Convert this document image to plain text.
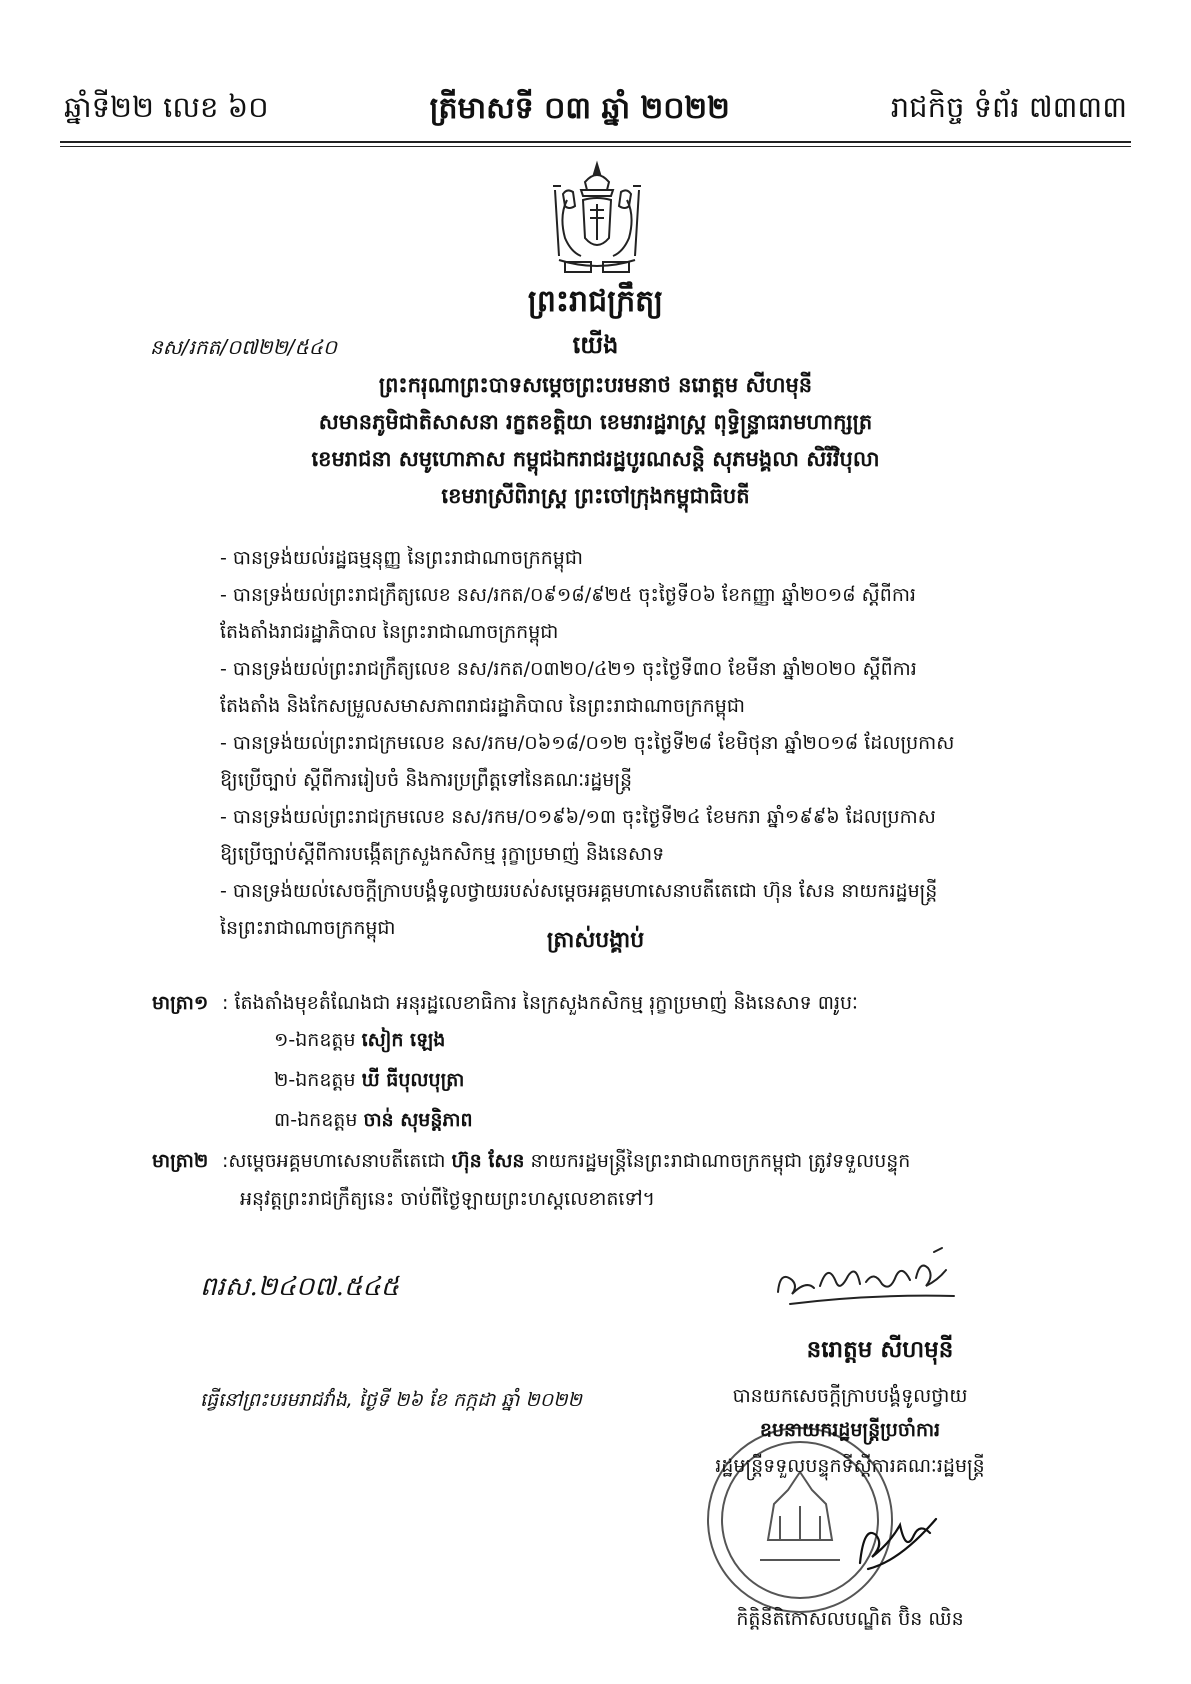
ឆ្នាំទី២២ លេខ ៦០	ត្រីមាសទី ០៣ ឆ្នាំ ២០២២	រាជកិច្ច ទំព័រ ៧៣៣៣
ព្រះរាជក្រឹត្យ
នស/រកត/០៧២២/៥៤០	យើង
ព្រះករុណាព្រះបាទសម្តេចព្រះបរមនាថ នរោត្តម សីហមុនី
សមានភូមិជាតិសាសនា រក្ខតខត្តិយា ខេមរារដ្ឋរាស្ត្រ ពុទ្ធិន្ទ្រាធរាមហាក្សត្រ
ខេមរាជនា សមូហោភាស កម្ពុជឯករាជរដ្ឋបូរណសន្តិ សុភមង្គលា សិរីវិបុលា
ខេមរាស្រីពិរាស្ត្រ ព្រះចៅក្រុងកម្ពុជាធិបតី

- បានទ្រង់យល់រដ្ឋធម្មនុញ្ញ នៃព្រះរាជាណាចក្រកម្ពុជា

- បានទ្រង់យល់ព្រះរាជក្រឹត្យលេខ នស/រកត/០៩១៨/៩២៥ ចុះថ្ងៃទី០៦ ខែកញ្ញា ឆ្នាំ២០១៨ ស្តីពីការ

តែងតាំងរាជរដ្ឋាភិបាល នៃព្រះរាជាណាចក្រកម្ពុជា

- បានទ្រង់យល់ព្រះរាជក្រឹត្យលេខ នស/រកត/០៣២០/៤២១ ចុះថ្ងៃទី៣០ ខែមីនា ឆ្នាំ២០២០ ស្តីពីការ

តែងតាំង និងកែសម្រួលសមាសភាពរាជរដ្ឋាភិបាល នៃព្រះរាជាណាចក្រកម្ពុជា

- បានទ្រង់យល់ព្រះរាជក្រមលេខ នស/រកម/០៦១៨/០១២ ចុះថ្ងៃទី២៨ ខែមិថុនា ឆ្នាំ២០១៨ ដែលប្រកាស

ឱ្យប្រើច្បាប់ ស្តីពីការរៀបចំ និងការប្រព្រឹត្តទៅនៃគណៈរដ្ឋមន្ត្រី

- បានទ្រង់យល់ព្រះរាជក្រមលេខ នស/រកម/០១៩៦/១៣ ចុះថ្ងៃទី២៤ ខែមករា ឆ្នាំ១៩៩៦ ដែលប្រកាស

ឱ្យប្រើច្បាប់ស្តីពីការបង្កើតក្រសួងកសិកម្ម រុក្ខាប្រមាញ់ និងនេសាទ

- បានទ្រង់យល់សេចក្តីក្រាបបង្គំទូលថ្វាយរបស់សម្តេចអគ្គមហាសេនាបតីតេជោ ហ៊ុន សែន នាយករដ្ឋមន្ត្រី

នៃព្រះរាជាណាចក្រកម្ពុជា	ត្រាស់បង្គាប់
មាត្រា១ : តែងតាំងមុខតំណែងជា អនុរដ្ឋលេខាធិការ នៃក្រសួងកសិកម្ម រុក្ខាប្រមាញ់ និងនេសាទ ៣រូបៈ
១-ឯកឧត្តម សៀក ឡេង
២-ឯកឧត្តម ឃី ធីបុលបុត្រា
៣-ឯកឧត្តម ចាន់ សុមន្តិភាព
មាត្រា២ :សម្តេចអគ្គមហាសេនាបតីតេជោ ហ៊ុន សែន នាយករដ្ឋមន្ត្រីនៃព្រះរាជាណាចក្រកម្ពុជា ត្រូវទទួលបន្ទុក
អនុវត្តព្រះរាជក្រឹត្យនេះ ចាប់ពីថ្ងៃឡាយព្រះហស្តលេខាតទៅ។
ពរស.២៤០៧.៥៤៥
ធ្វើនៅព្រះបរមរាជវាំង, ថ្ងៃទី ២៦ ខែ កក្កដា ឆ្នាំ ២០២២
នរោត្តម សីហមុនី
បានយកសេចក្តីក្រាបបង្គំទូលថ្វាយ
ឧបនាយករដ្ឋមន្ត្រីប្រចាំការ
រដ្ឋមន្ត្រីទទួលបន្ទុកទីស្តីការគណៈរដ្ឋមន្ត្រី
កិត្តិនីតិកោសលបណ្ឌិត ប៊ិន ឈិន
